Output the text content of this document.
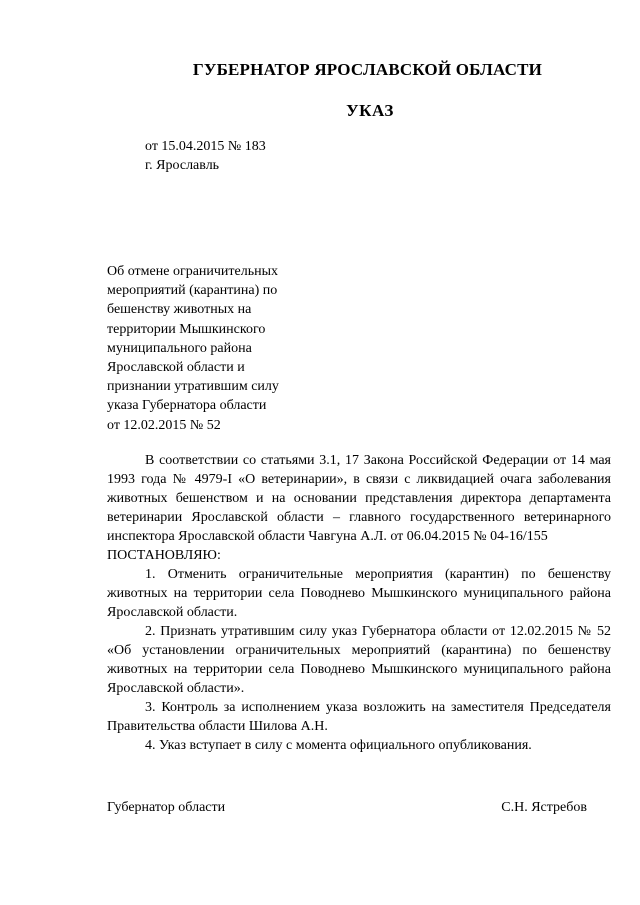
ГУБЕРНАТОР ЯРОСЛАВСКОЙ ОБЛАСТИ
УКАЗ
от 15.04.2015 № 183
г. Ярославль
Об отмене ограничительных
мероприятий (карантина) по
бешенству животных на
территории Мышкинского
муниципального района
Ярославской области и
признании утратившим силу
указа Губернатора области
от 12.02.2015 № 52

В соответствии со статьями 3.1, 17 Закона Российской Федерации от 14 мая 1993 года № 4979-I «О ветеринарии», в связи с ликвидацией очага заболевания животных бешенством и на основании представления директора департамента ветеринарии Ярославской области – главного государственного ветеринарного инспектора Ярославской области Чавгуна А.Л. от 06.04.2015 № 04-16/155

ПОСТАНОВЛЯЮ:

1. Отменить ограничительные мероприятия (карантин) по бешенству животных на территории села Поводнево Мышкинского муниципального района Ярославской области.

2. Признать утратившим силу указ Губернатора области от 12.02.2015 № 52 «Об установлении ограничительных мероприятий (карантина) по бешенству животных на территории села Поводнево Мышкинского муниципального района Ярославской области».

3. Контроль за исполнением указа возложить на заместителя Председателя Правительства области Шилова А.Н.

4. Указ вступает в силу с момента официального опубликования.

Губернатор области	С.Н. Ястребов
